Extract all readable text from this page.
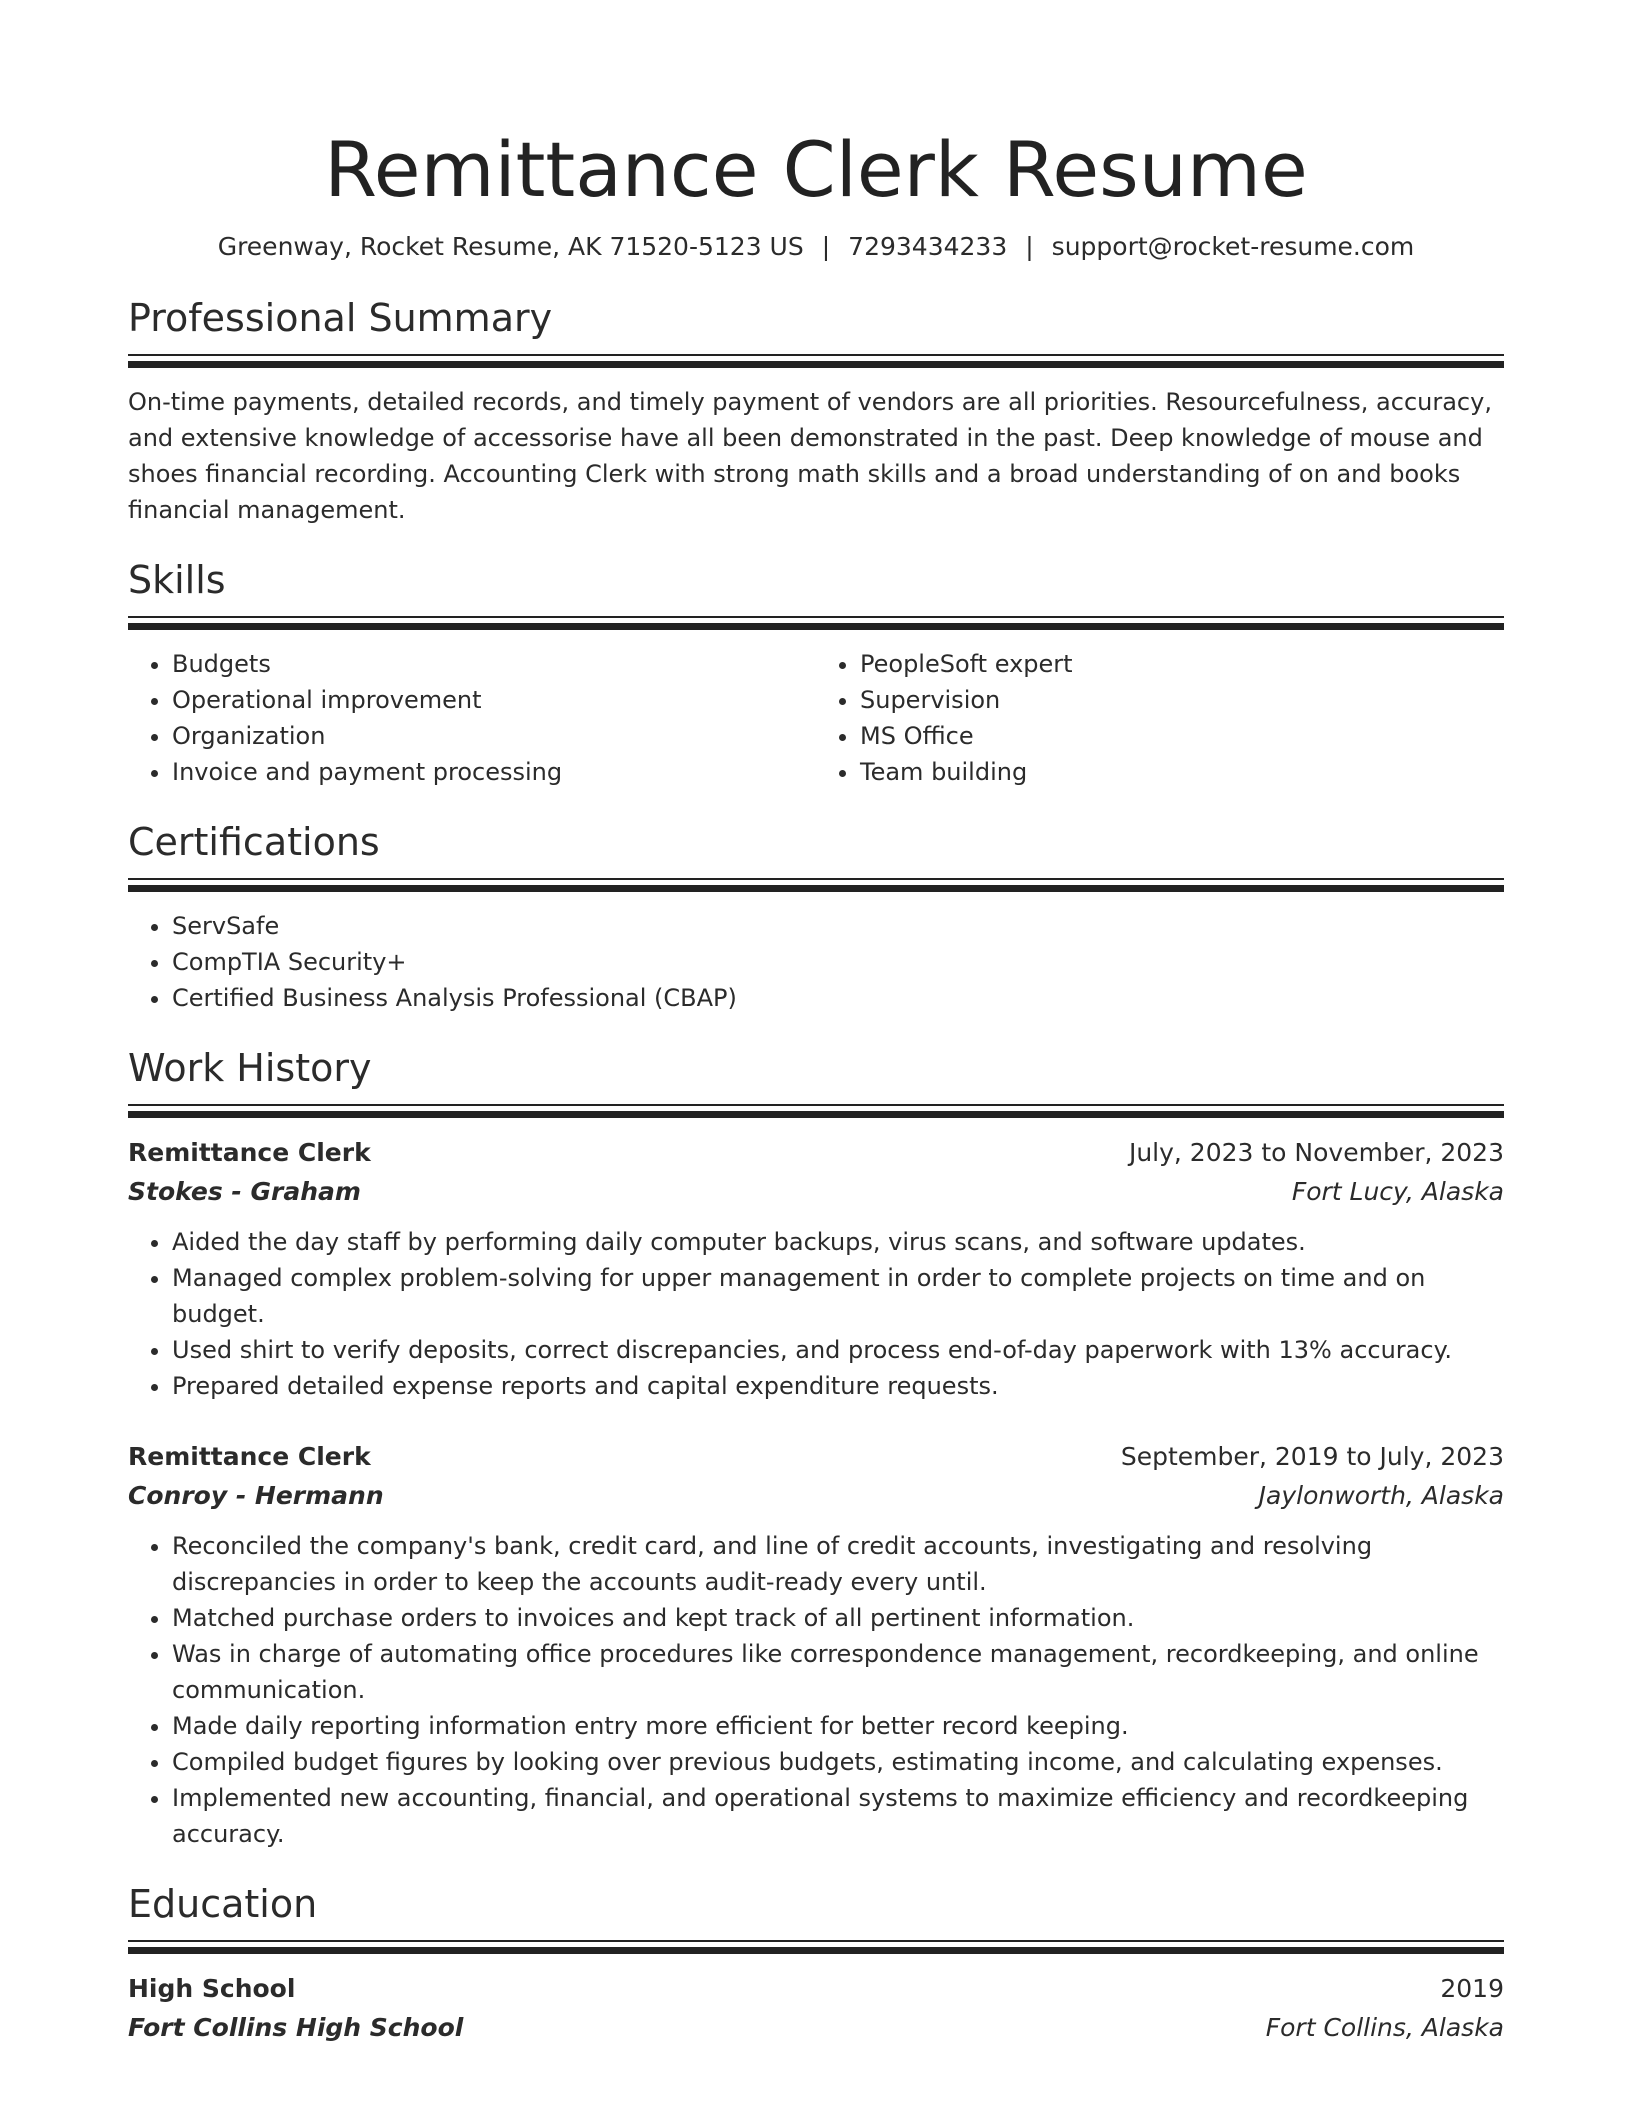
Remittance Clerk Resume
Greenway, Rocket Resume, AK 71520-5123 US | 7293434233 | support@rocket-resume.com
Professional Summary

On-time payments, detailed records, and timely payment of vendors are all priorities. Resourcefulness, accuracy, and extensive knowledge of accessorise have all been demonstrated in the past. Deep knowledge of mouse and shoes financial recording. Accounting Clerk with strong math skills and a broad understanding of on and books financial management.

Skills
• Budgets
• Operational improvement
• Organization
• Invoice and payment processing
• PeopleSoft expert
• Supervision
• MS Office
• Team building
Certifications
• ServSafe
• CompTIA Security+
• Certified Business Analysis Professional (CBAP)
Work History
Remittance Clerk	July, 2023 to November, 2023
Stokes - Graham	Fort Lucy, Alaska
• Aided the day staff by performing daily computer backups, virus scans, and software updates.
• Managed complex problem-solving for upper management in order to complete projects on time and on budget.
• Used shirt to verify deposits, correct discrepancies, and process end-of-day paperwork with 13% accuracy.
• Prepared detailed expense reports and capital expenditure requests.
Remittance Clerk	September, 2019 to July, 2023
Conroy - Hermann	Jaylonworth, Alaska
• Reconciled the company's bank, credit card, and line of credit accounts, investigating and resolving discrepancies in order to keep the accounts audit-ready every until.
• Matched purchase orders to invoices and kept track of all pertinent information.
• Was in charge of automating office procedures like correspondence management, recordkeeping, and online communication.
• Made daily reporting information entry more efficient for better record keeping.
• Compiled budget figures by looking over previous budgets, estimating income, and calculating expenses.
• Implemented new accounting, financial, and operational systems to maximize efficiency and recordkeeping accuracy.
Education
High School	2019
Fort Collins High School	Fort Collins, Alaska
